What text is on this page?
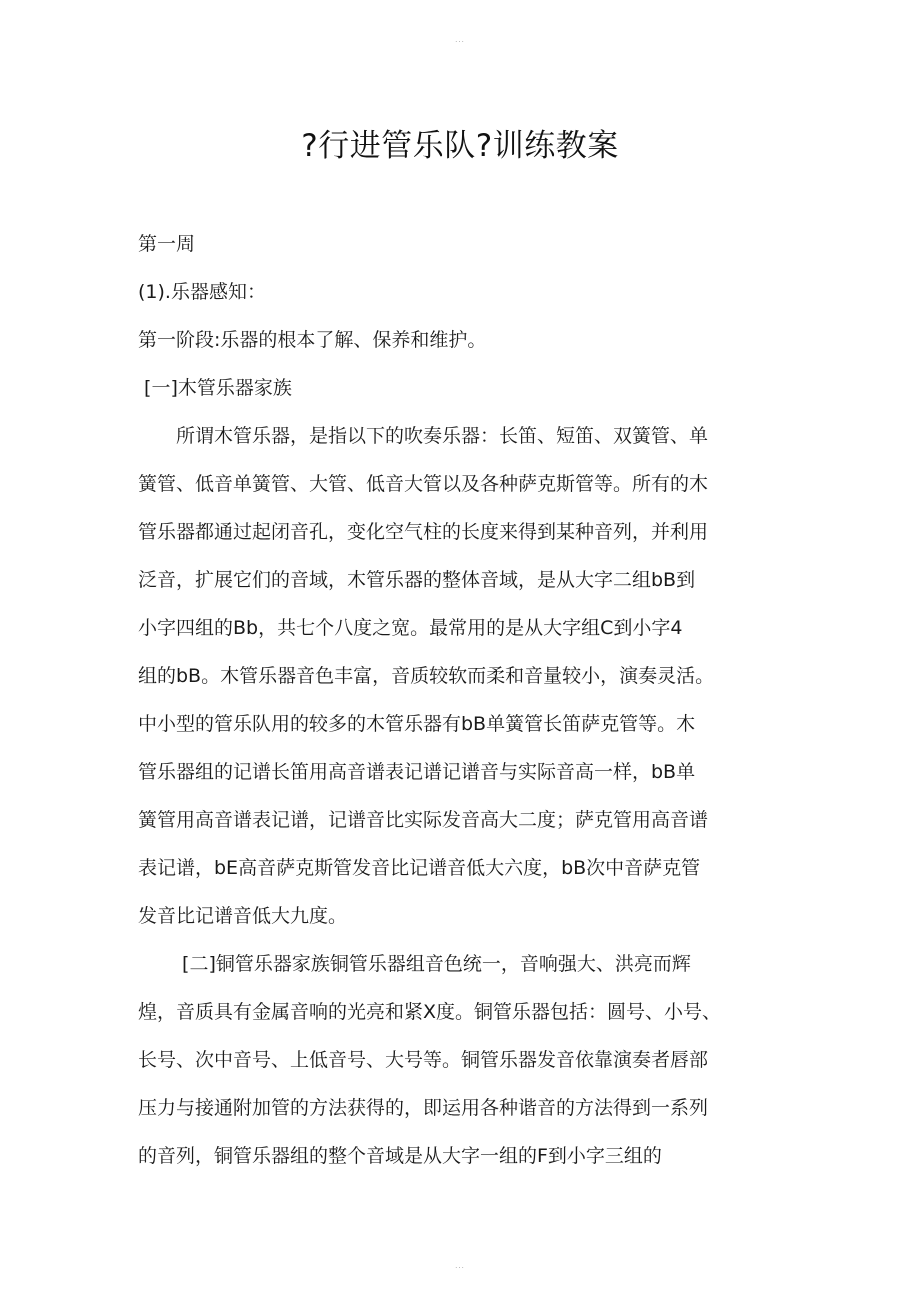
...
?行进管乐队?训练教案
第一周
(1).乐器感知：
第一阶段:乐器的根本了解、保养和维护。
[一]木管乐器家族
　　所谓木管乐器，是指以下的吹奏乐器：长笛、短笛、双簧管、单
簧管、低音单簧管、大管、低音大管以及各种萨克斯管等。所有的木
管乐器都通过起闭音孔，变化空气柱的长度来得到某种音列，并利用
泛音，扩展它们的音域，木管乐器的整体音域，是从大字二组bB到
小字四组的Bb，共七个八度之宽。最常用的是从大字组C到小字4
组的bB。木管乐器音色丰富，音质较软而柔和音量较小，演奏灵活。
中小型的管乐队用的较多的木管乐器有bB单簧管长笛萨克管等。木
管乐器组的记谱长笛用高音谱表记谱记谱音与实际音高一样，bB单
簧管用高音谱表记谱，记谱音比实际发音高大二度；萨克管用高音谱
表记谱，bE高音萨克斯管发音比记谱音低大六度，bB次中音萨克管
发音比记谱音低大九度。
　　 [二]铜管乐器家族铜管乐器组音色统一，音响强大、洪亮而辉
煌，音质具有金属音响的光亮和紧X度。铜管乐器包括：圆号、小号、
长号、次中音号、上低音号、大号等。铜管乐器发音依靠演奏者唇部
压力与接通附加管的方法获得的，即运用各种谐音的方法得到一系列
的音列，铜管乐器组的整个音域是从大字一组的F到小字三组的
...
